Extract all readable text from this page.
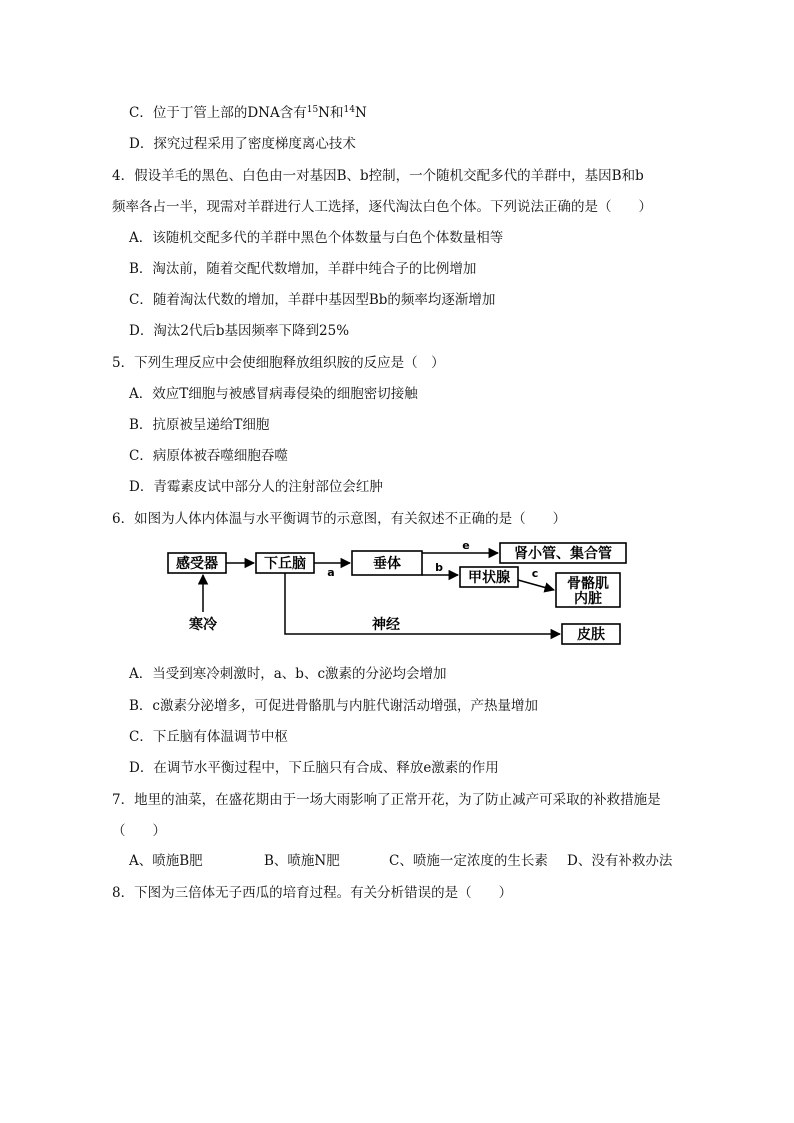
C．位于丁管上部的DNA含有$^{15}$N和$^{14}$N
D．探究过程采用了密度梯度离心技术
4．假设羊毛的黑色、白色由一对基因B、b控制，一个随机交配多代的羊群中，基因B和b
频率各占一半，现需对羊群进行人工选择，逐代淘汰白色个体。下列说法正确的是（　　）
A．该随机交配多代的羊群中黑色个体数量与白色个体数量相等
B．淘汰前，随着交配代数增加，羊群中纯合子的比例增加
C．随着淘汰代数的增加，羊群中基因型Bb的频率均逐渐增加
D．淘汰2代后b基因频率下降到25%
5．下列生理反应中会使细胞释放组织胺的反应是（　）
A．效应T细胞与被感冒病毒侵染的细胞密切接触
B．抗原被呈递给T细胞
C．病原体被吞噬细胞吞噬
D．青霉素皮试中部分人的注射部位会红肿
6．如图为人体内体温与水平衡调节的示意图，有关叙述不正确的是（　　）
感受器	下丘脑	垂体
肾小管、集合管
甲状腺	骨骼肌
内脏
皮肤
寒冷
a
e
b	c
神经
A．当受到寒冷刺激时，a、b、c激素的分泌均会增加
B．c激素分泌增多，可促进骨骼肌与内脏代谢活动增强，产热量增加
C．下丘脑有体温调节中枢
D．在调节水平衡过程中，下丘脑只有合成、释放e激素的作用
7．地里的油菜，在盛花期由于一场大雨影响了正常开花，为了防止减产可采取的补救措施是
（　　）
A、喷施B肥	B、喷施N肥	C、喷施一定浓度的生长素 D、没有补救办法
8．下图为三倍体无子西瓜的培育过程。有关分析错误的是（　　）
